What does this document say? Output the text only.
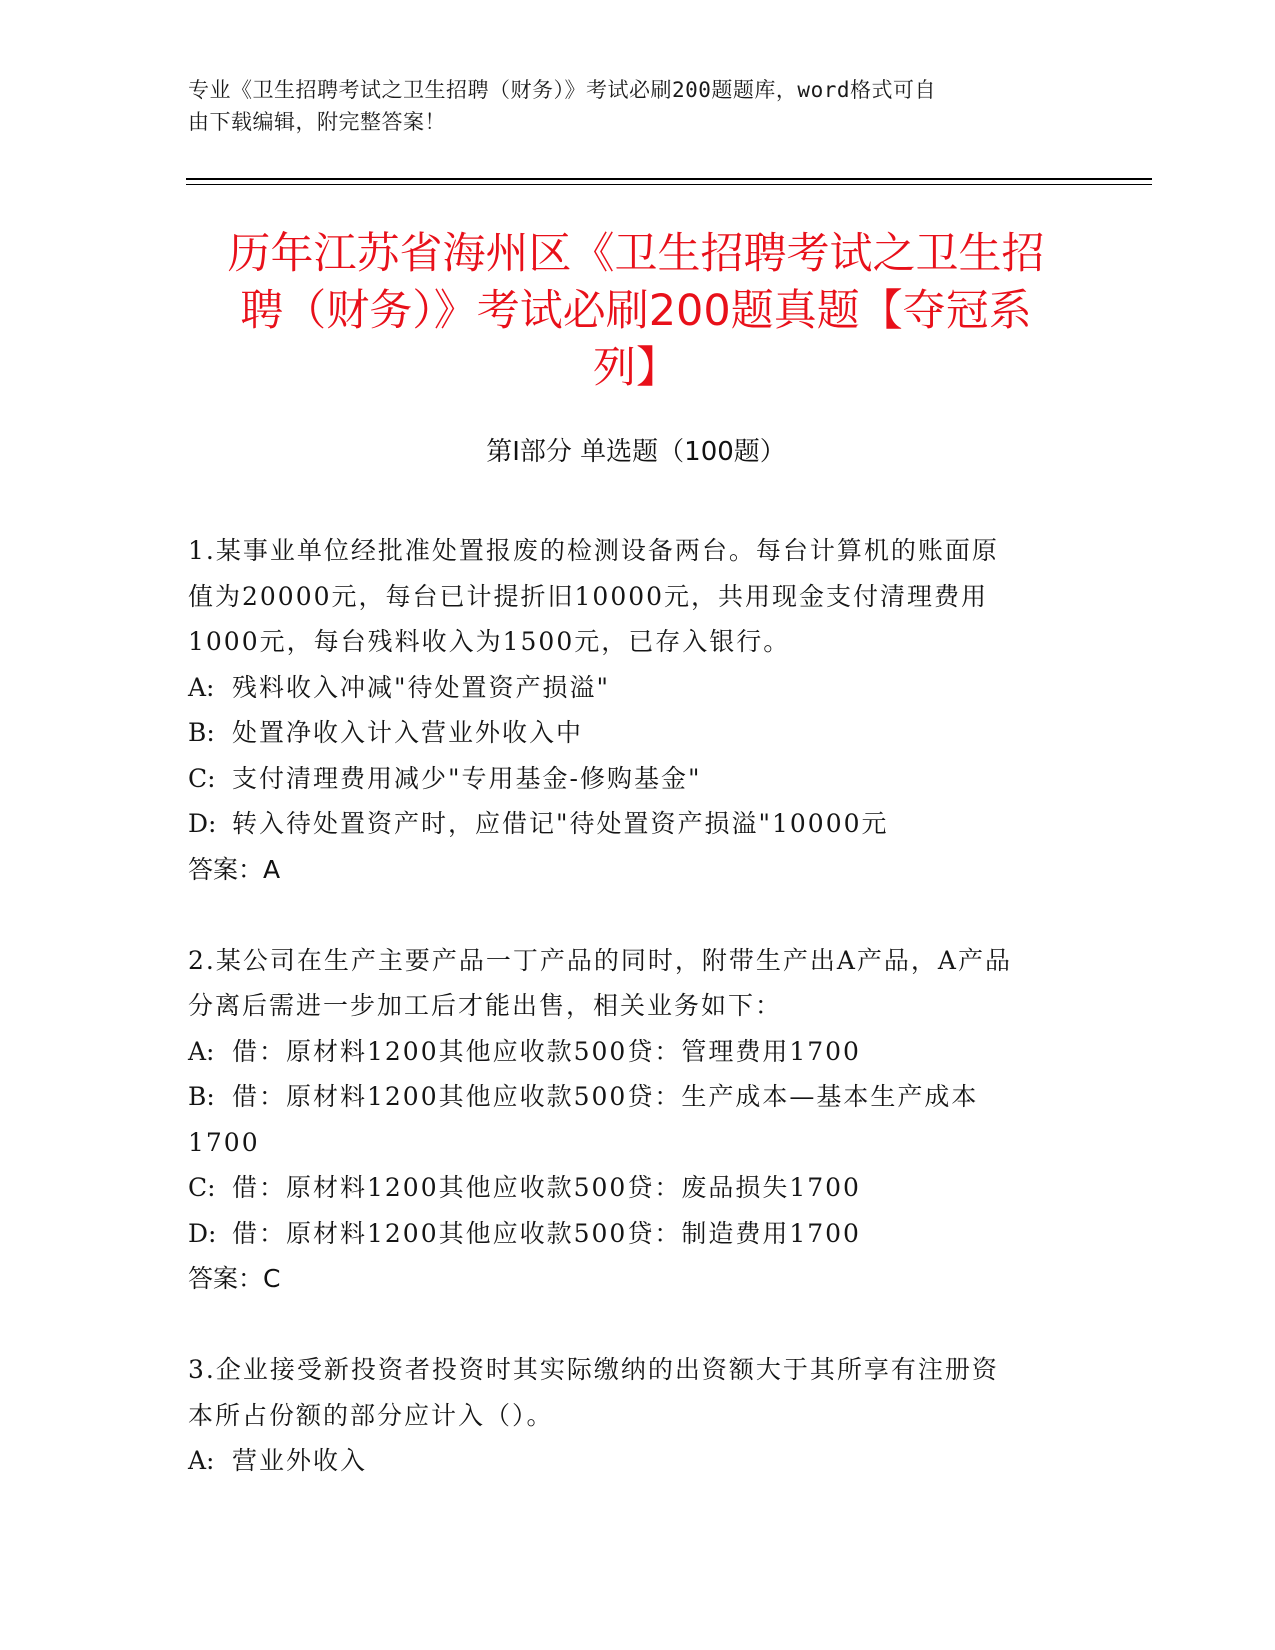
专业《卫生招聘考试之卫生招聘（财务）》考试必刷200题题库，word格式可自
由下载编辑，附完整答案！
历年江苏省海州区《卫生招聘考试之卫生招
聘（财务）》考试必刷200题真题【夺冠系
列】
第I部分 单选题（100题）

1.某事业单位经批准处置报废的检测设备两台。每台计算机的账面原

值为20000元，每台已计提折旧10000元，共用现金支付清理费用

1000元，每台残料收入为1500元，已存入银行。

A: 残料收入冲减"待处置资产损溢"

B: 处置净收入计入营业外收入中

C: 支付清理费用减少"专用基金-修购基金"

D: 转入待处置资产时，应借记"待处置资产损溢"10000元

答案：A

2.某公司在生产主要产品一丁产品的同时，附带生产出A产品，A产品

分离后需进一步加工后才能出售，相关业务如下：

A: 借：原材料1200其他应收款500贷：管理费用1700

B: 借：原材料1200其他应收款500贷：生产成本—基本生产成本

1700

C: 借：原材料1200其他应收款500贷：废品损失1700

D: 借：原材料1200其他应收款500贷：制造费用1700

答案：C

3.企业接受新投资者投资时其实际缴纳的出资额大于其所享有注册资

本所占份额的部分应计入（）。

A: 营业外收入
